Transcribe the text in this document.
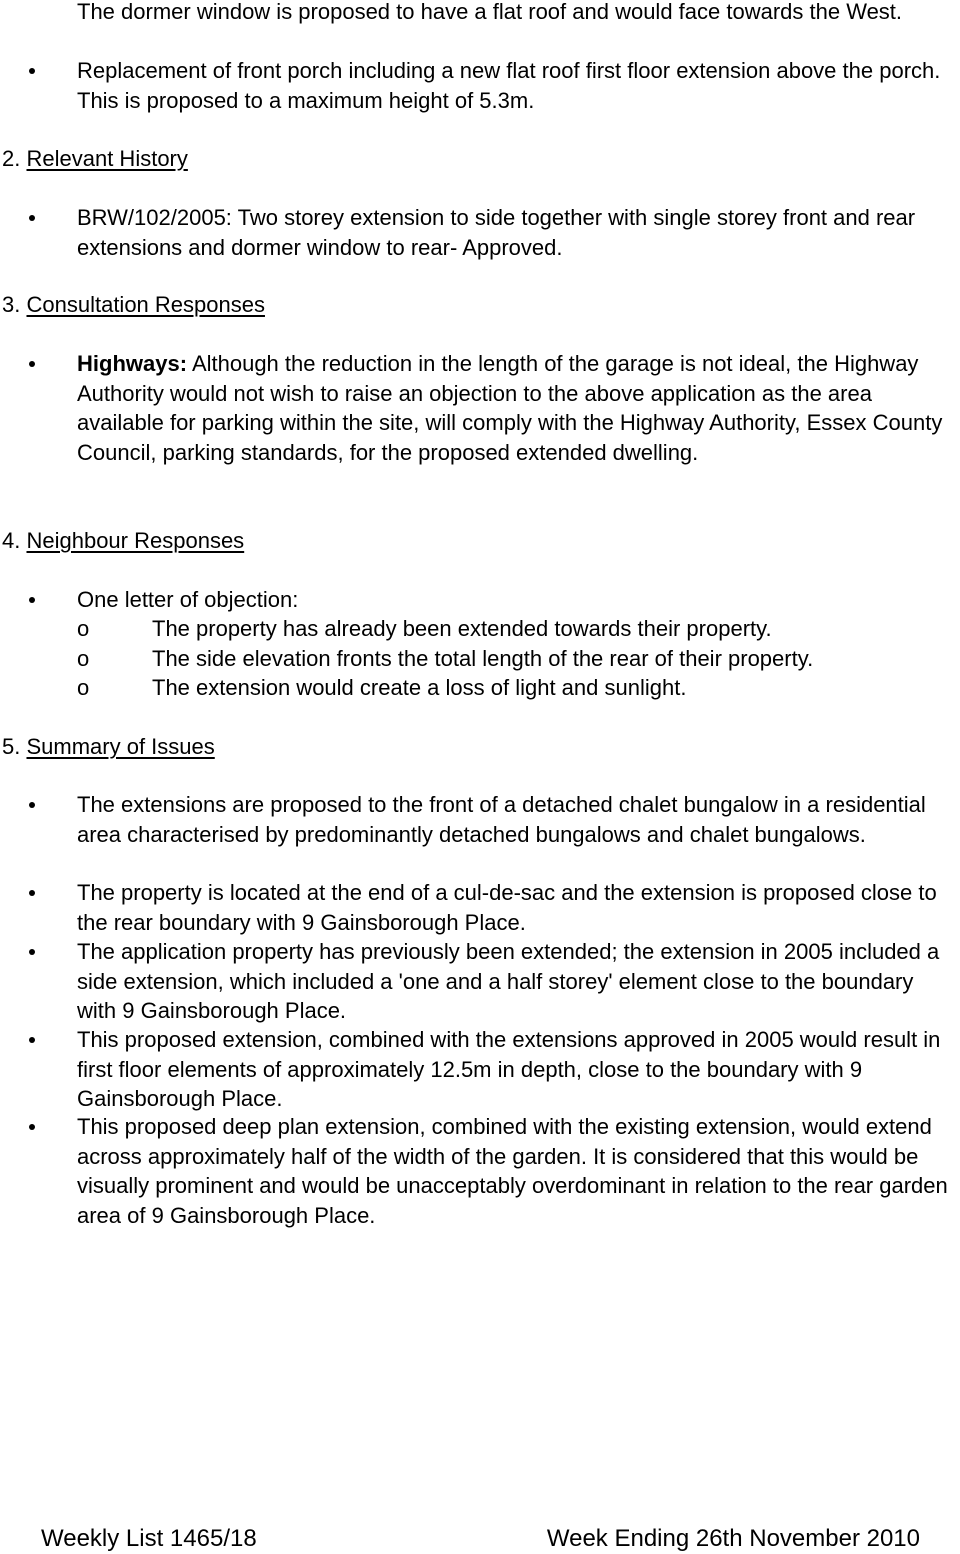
The dormer window is proposed to have a flat roof and would face towards the West.

Replacement of front porch including a new flat roof first floor extension above the porch. This is proposed to a maximum height of 5.3m.

2. Relevant History

BRW/102/2005: Two storey extension to side together with single storey front and rear extensions and dormer window to rear- Approved.

3. Consultation Responses

Highways: Although the reduction in the length of the garage is not ideal, the Highway Authority would not wish to raise an objection to the above application as the area available for parking within the site, will comply with the Highway Authority, Essex County Council, parking standards, for the proposed extended dwelling.

4. Neighbour Responses

One letter of objection:

o	The property has already been extended towards their property.
o	The side elevation fronts the total length of the rear of their property.
o	The extension would create a loss of light and sunlight.
5. Summary of Issues

The extensions are proposed to the front of a detached chalet bungalow in a residential area characterised by predominantly detached bungalows and chalet bungalows.

The property is located at the end of a cul-de-sac and the extension is proposed close to the rear boundary with 9 Gainsborough Place.

The application property has previously been extended; the extension in 2005 included a side extension, which included a 'one and a half storey' element close to the boundary with 9 Gainsborough Place.

This proposed extension, combined with the extensions approved in 2005 would result in first floor elements of approximately 12.5m in depth, close to the boundary with 9 Gainsborough Place.

This proposed deep plan extension, combined with the existing extension, would extend across approximately half of the width of the garden. It is considered that this would be visually prominent and would be unacceptably overdominant in relation to the rear garden area of 9 Gainsborough Place.

Weekly List 1465/18	Week Ending 26th November 2010
